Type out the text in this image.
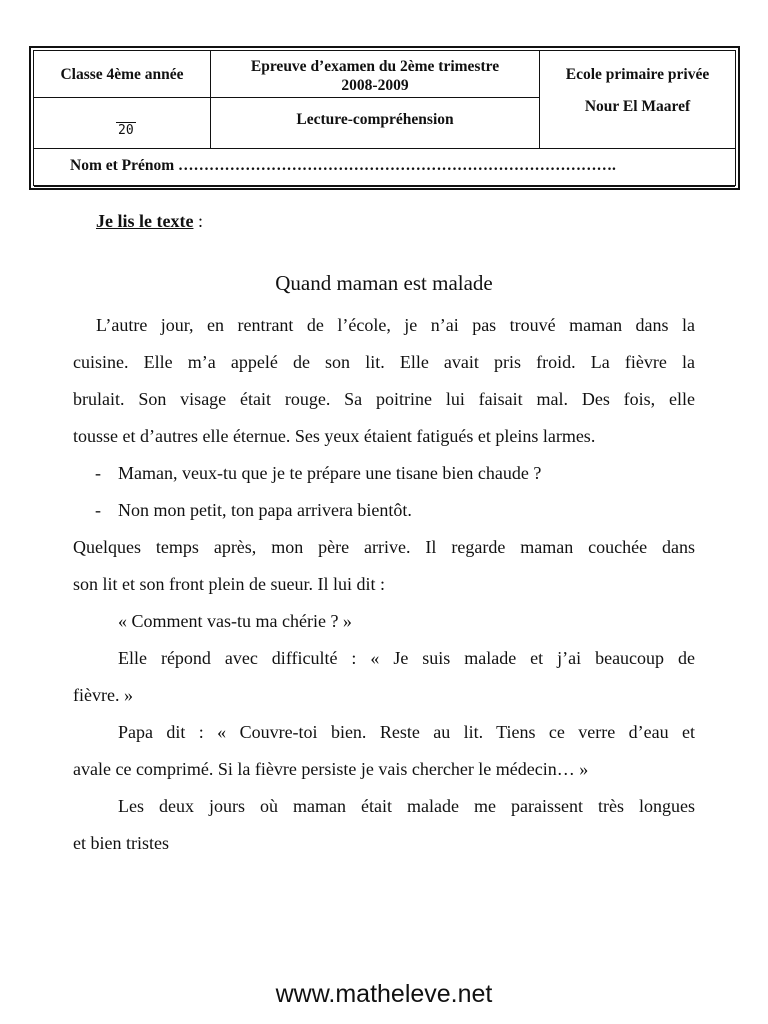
Classe 4ème année	Epreuve d’examen du 2ème trimestre
2008-2009
Ecole primaire privée
Nour El Maaref
20
Lecture-compréhension
Nom et Prénom ………………………………………………………………………….
Je lis le texte :
Quand maman est malade
L’autre jour, en rentrant de l’école, je n’ai pas trouvé maman dans la
cuisine. Elle m’a appelé de son lit. Elle avait pris froid. La fièvre la
brulait. Son visage était rouge. Sa poitrine lui faisait mal. Des fois, elle
tousse et d’autres elle éternue. Ses yeux étaient fatigués et pleins larmes.
- Maman, veux-tu que je te prépare une tisane bien chaude ?
- Non mon petit, ton papa arrivera bientôt.
Quelques temps après, mon père arrive. Il regarde maman couchée dans
son lit et son front plein de sueur. Il lui dit :
« Comment vas-tu ma chérie ? »
Elle répond avec difficulté : « Je suis malade et j’ai beaucoup de
fièvre. »
Papa dit : « Couvre-toi bien. Reste au lit. Tiens ce verre d’eau et
avale ce comprimé. Si la fièvre persiste je vais chercher le médecin… »
Les deux jours où maman était malade me paraissent très longues
et bien tristes
www.matheleve.net
